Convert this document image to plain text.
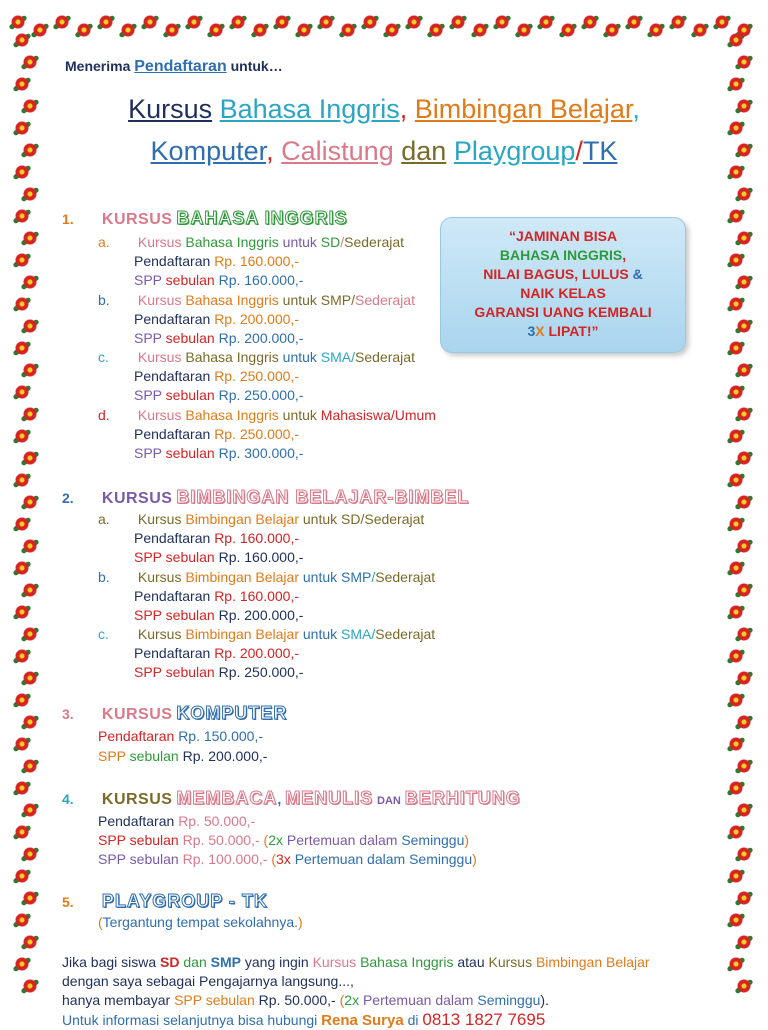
Menerima Pendaftaran untuk…
Kursus Bahasa Inggris, Bimbingan Belajar,
Komputer, Calistung dan Playgroup/TK
“JAMINAN BISA
BAHASA INGGRIS,
NILAI BAGUS, LULUS &
NAIK KELAS
GARANSI UANG KEMBALI
3X LIPAT!”
1. KURSUS BAHASA INGGRIS
a. Kursus Bahasa Inggris untuk SD/Sederajat
Pendaftaran Rp. 160.000,-
SPP sebulan Rp. 160.000,-
b. Kursus Bahasa Inggris untuk SMP/Sederajat
Pendaftaran Rp. 200.000,-
SPP sebulan Rp. 200.000,-
c. Kursus Bahasa Inggris untuk SMA/Sederajat
Pendaftaran Rp. 250.000,-
SPP sebulan Rp. 250.000,-
d. Kursus Bahasa Inggris untuk Mahasiswa/Umum
Pendaftaran Rp. 250.000,-
SPP sebulan Rp. 300.000,-
2. KURSUS BIMBINGAN BELAJAR-BIMBEL
a. Kursus Bimbingan Belajar untuk SD/Sederajat
Pendaftaran Rp. 160.000,-
SPP sebulan Rp. 160.000,-
b. Kursus Bimbingan Belajar untuk SMP/Sederajat
Pendaftaran Rp. 160.000,-
SPP sebulan Rp. 200.000,-
c. Kursus Bimbingan Belajar untuk SMA/Sederajat
Pendaftaran Rp. 200.000,-
SPP sebulan Rp. 250.000,-
3. KURSUS KOMPUTER
Pendaftaran Rp. 150.000,-
SPP sebulan Rp. 200.000,-
4. KURSUS MEMBACA, MENULIS DAN BERHITUNG
Pendaftaran Rp. 50.000,-
SPP sebulan Rp. 50.000,- (2x Pertemuan dalam Seminggu)
SPP sebulan Rp. 100.000,- (3x Pertemuan dalam Seminggu)
5. PLAYGROUP - TK
(Tergantung tempat sekolahnya.)
Jika bagi siswa SD dan SMP yang ingin Kursus Bahasa Inggris atau Kursus Bimbingan Belajar
dengan saya sebagai Pengajarnya langsung...,
hanya membayar SPP sebulan Rp. 50.000,- (2x Pertemuan dalam Seminggu).
Untuk informasi selanjutnya bisa hubungi Rena Surya di 0813 1827 7695
